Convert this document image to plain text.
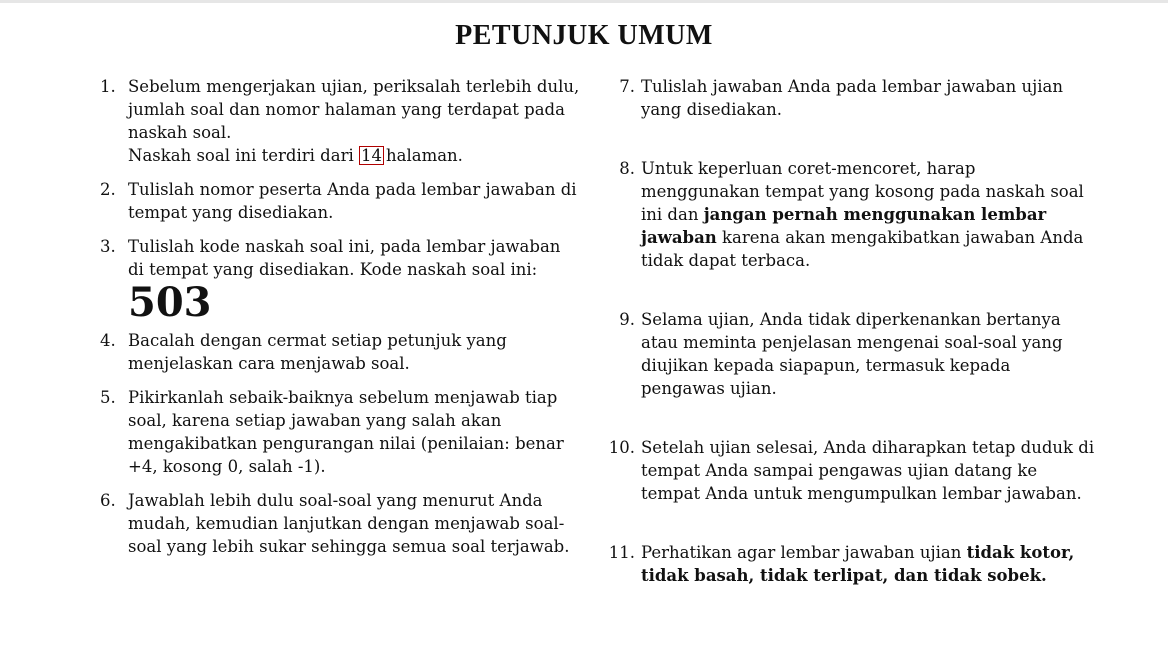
PETUNJUK UMUM
1. Sebelum mengerjakan ujian, periksalah terlebih dulu, jumlah soal dan nomor halaman yang terdapat pada naskah soal.
Naskah soal ini terdiri dari 14 halaman.
2. Tulislah nomor peserta Anda pada lembar jawaban di tempat yang disediakan.
3. Tulislah kode naskah soal ini, pada lembar jawaban di tempat yang disediakan. Kode naskah soal ini:
503
4. Bacalah dengan cermat setiap petunjuk yang menjelaskan cara menjawab soal.
5. Pikirkanlah sebaik-baiknya sebelum menjawab tiap soal, karena setiap jawaban yang salah akan mengakibatkan pengurangan nilai (penilaian: benar +4, kosong 0, salah -1).
6. Jawablah lebih dulu soal-soal yang menurut Anda mudah, kemudian lanjutkan dengan menjawab soal-soal yang lebih sukar sehingga semua soal terjawab.
7. Tulislah jawaban Anda pada lembar jawaban ujian yang disediakan.
8. Untuk keperluan coret-mencoret, harap menggunakan tempat yang kosong pada naskah soal ini dan jangan pernah menggunakan lembar jawaban karena akan mengakibatkan jawaban Anda tidak dapat terbaca.
9. Selama ujian, Anda tidak diperkenankan bertanya atau meminta penjelasan mengenai soal-soal yang diujikan kepada siapapun, termasuk kepada pengawas ujian.
10. Setelah ujian selesai, Anda diharapkan tetap duduk di tempat Anda sampai pengawas ujian datang ke tempat Anda untuk mengumpulkan lembar jawaban.
11. Perhatikan agar lembar jawaban ujian tidak kotor, tidak basah, tidak terlipat, dan tidak sobek.
